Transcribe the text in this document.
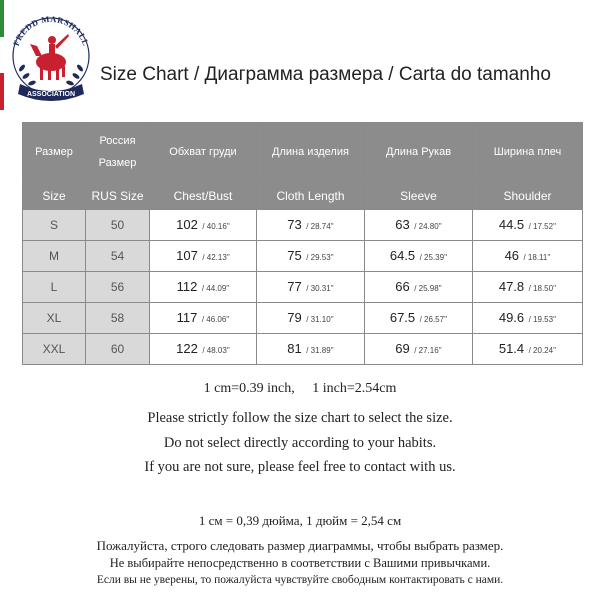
FREDD MARSHALL
ASSOCIATION
Size Chart / Диаграмма размера / Carta do tamanho
Размер	Россия Размер	Обхват груди	Длина изделия	Длина Рукав	Ширина плеч
Size	RUS Size	Chest/Bust	Cloth Length	Sleeve	Shoulder
S	50	102 / 40.16''	73 / 28.74''	63 / 24.80''	44.5 / 17.52''
M	54	107 / 42.13''	75 / 29.53''	64.5 / 25.39''	46 / 18.11''
L	56	112 / 44.09''	77 / 30.31''	66 / 25.98''	47.8 / 18.50''
XL	58	117 / 46.06''	79 / 31.10''	67.5 / 26.57''	49.6 / 19.53''
XXL	60	122 / 48.03''	81 / 31.89''	69 / 27.16''	51.4 / 20.24''
1 cm=0.39 inch,     1 inch=2.54cm
Please strictly follow the size chart to select the size.
Do not select directly according to your habits.
If you are not sure, please feel free to contact with us.
1 см = 0,39 дюйма, 1 дюйм = 2,54 см
Пожалуйста, строго следовать размер диаграммы, чтобы выбрать размер.
Не выбирайте непосредственно в соответствии с Вашими привычками.
Если вы не уверены, то пожалуйста чувствуйте свободным контактировать с нами.
